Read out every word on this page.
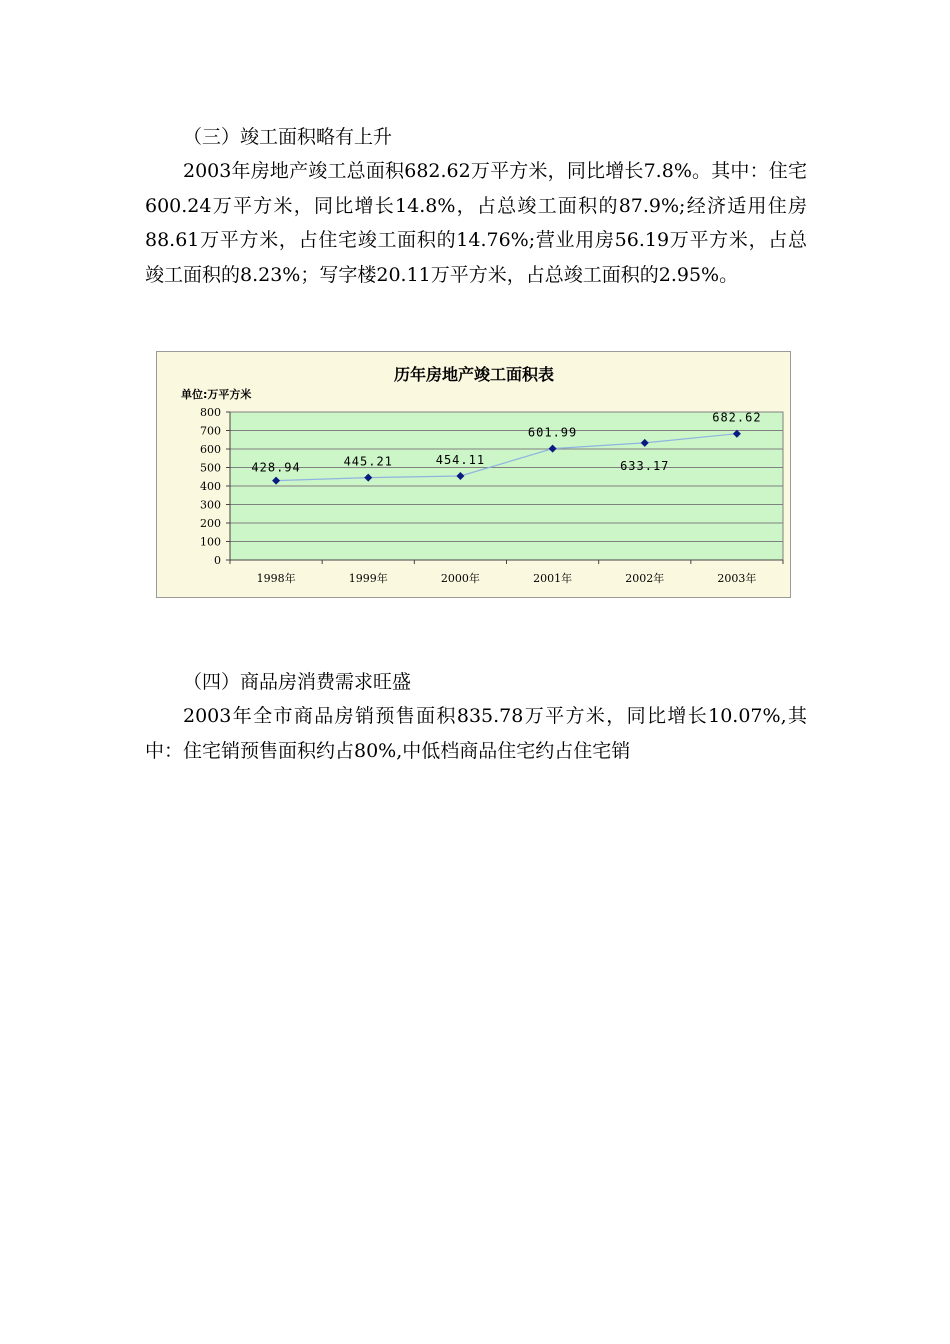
（三）竣工面积略有上升

2003年房地产竣工总面积682.62万平方米，同比增长7.8%。其中：住宅600.24万平方米，同比增长14.8%，占总竣工面积的87.9%;经济适用住房88.61万平方米，占住宅竣工面积的14.76%;营业用房56.19万平方米，占总竣工面积的8.23%；写字楼20.11万平方米，占总竣工面积的2.95%。

历年房地产竣工面积表
单位:万平方米
0
100
200
300
400
500
600
700
800
1998年	1999年	2000年	2001年	2002年	2003年
428.94	445.21	454.11
601.99
633.17
682.62
（四）商品房消费需求旺盛

2003年全市商品房销预售面积835.78万平方米，同比增长10.07%,其中：住宅销预售面积约占80%,中低档商品住宅约占住宅销
